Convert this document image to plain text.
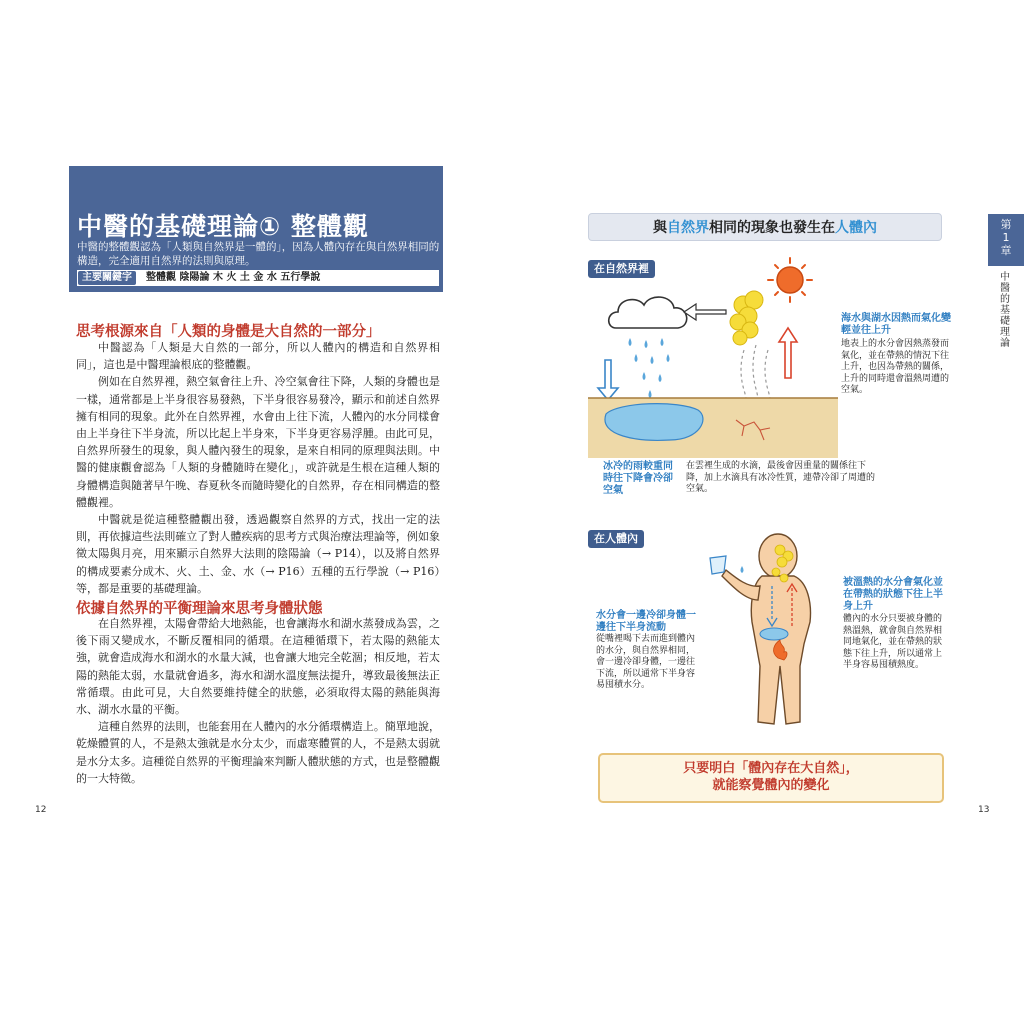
中醫的基礎理論① 整體觀
中醫的整體觀認為「人類與自然界是一體的」，因為人體內存在與自然界相同的構造，完全適用自然界的法則與原理。
主要關鍵字	整體觀 陰陽論 木 火 土 金 水 五行學說
思考根源來自「人類的身體是大自然的一部分」

中醫認為「人類是大自然的一部分，所以人體內的構造和自然界相同」，這也是中醫理論根底的整體觀。

例如在自然界裡，熱空氣會往上升、冷空氣會往下降，人類的身體也是一樣，通常都是上半身很容易發熱，下半身很容易發冷，顯示和前述自然界擁有相同的現象。此外在自然界裡，水會由上往下流，人體內的水分同樣會由上半身往下半身流，所以比起上半身來，下半身更容易浮腫。由此可見，自然界所發生的現象，與人體內發生的現象，是來自相同的原理與法則。中醫的健康觀會認為「人類的身體隨時在變化」，或許就是生根在這種人類的身體構造與隨著早午晚、春夏秋冬而隨時變化的自然界，存在相同構造的整體觀裡。

中醫就是從這種整體觀出發，透過觀察自然界的方式，找出一定的法則，再依據這些法則確立了對人體疾病的思考方式與治療法理論等，例如象徵太陽與月亮，用來顯示自然界大法則的陰陽論（→ P14），以及將自然界的構成要素分成木、火、土、金、水（→ P16）五種的五行學說（→ P16）等，都是重要的基礎理論。

依據自然界的平衡理論來思考身體狀態

在自然界裡，太陽會帶給大地熱能，也會讓海水和湖水蒸發成為雲，之後下雨又變成水，不斷反覆相同的循環。在這種循環下，若太陽的熱能太強，就會造成海水和湖水的水量大減，也會讓大地完全乾涸；相反地，若太陽的熱能太弱，水量就會過多，海水和湖水溫度無法提升，導致最後無法正常循環。由此可見，大自然要維持健全的狀態，必須取得太陽的熱能與海水、湖水水量的平衡。

這種自然界的法則，也能套用在人體內的水分循環構造上。簡單地說，乾燥體質的人，不是熱太強就是水分太少，而虛寒體質的人，不是熱太弱就是水分太多。這種從自然界的平衡理論來判斷人體狀態的方式，也是整體觀的一大特徵。

12
與自然界相同的現象也發生在人體內
在自然界裡
海水與湖水因熱而氣化變輕並往上升
地表上的水分會因熱蒸發而氣化，並在帶熱的情況下往上升，也因為帶熱的關係，上升的同時還會溫熱周遭的空氣。
冰冷的雨較重同時往下降會冷卻空氣
在雲裡生成的水滴，最後會因重量的關係往下降，加上水滴具有冰冷性質，連帶冷卻了周遭的空氣。
在人體內
被溫熱的水分會氣化並在帶熱的狀態下往上半身上升
體內的水分只要被身體的熱溫熱，就會與自然界相同地氣化，並在帶熱的狀態下往上升，所以通常上半身容易囤積熱度。
水分會一邊冷卻身體一邊往下半身流動
從嘴裡喝下去而進到體內的水分，與自然界相同，會一邊冷卻身體，一邊往下流，所以通常下半身容易囤積水分。
只要明白「體內存在大自然」，
就能察覺體內的變化
13
第
1
章
中醫的基礎理論
